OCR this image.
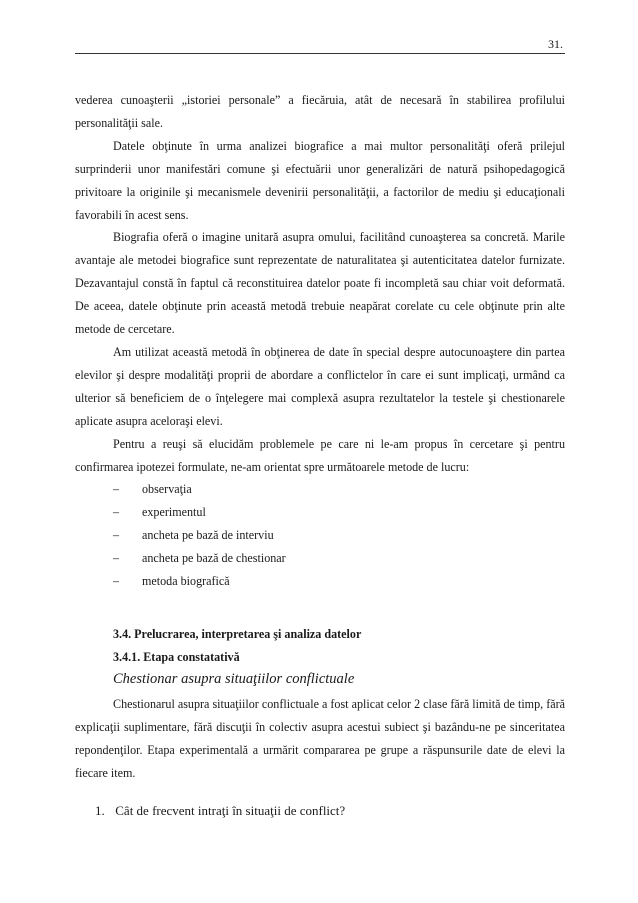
31.

vederea cunoaşterii „istoriei personale” a fiecăruia, atât de necesară în stabilirea profilului personalităţii sale.

Datele obţinute în urma analizei biografice a mai multor personalităţi oferă prilejul surprinderii unor manifestări comune şi efectuării unor generalizări de natură psihopedagogică privitoare la originile şi mecanismele devenirii personalităţii, a factorilor de mediu şi educaţionali favorabili în acest sens.

Biografia oferă o imagine unitară asupra omului, facilitând cunoaşterea sa concretă. Marile avantaje ale metodei biografice sunt reprezentate de naturalitatea şi autenticitatea datelor furnizate. Dezavantajul constă în faptul că reconstituirea datelor poate fi incompletă sau chiar voit deformată. De aceea, datele obţinute prin această metodă trebuie neapărat corelate cu cele obţinute prin alte metode de cercetare.

Am utilizat această metodă în obţinerea de date în special despre autocunoaştere din partea elevilor şi despre modalităţi proprii de abordare a conflictelor în care ei sunt implicaţi, urmând ca ulterior să beneficiem de o înţelegere mai complexă asupra rezultatelor la testele şi chestionarele aplicate asupra aceloraşi elevi.

Pentru a reuşi să elucidăm problemele pe care ni le-am propus în cercetare şi pentru confirmarea ipotezei formulate, ne-am orientat spre următoarele metode de lucru:

– observaţia
– experimentul
– ancheta pe bază de interviu
– ancheta pe bază de chestionar
– metoda biografică
3.4. Prelucrarea, interpretarea şi analiza datelor
3.4.1. Etapa constatativă
Chestionar asupra situaţiilor conflictuale

Chestionarul asupra situaţiilor conflictuale a fost aplicat celor 2 clase fără limită de timp, fără explicaţii suplimentare, fără discuţii în colectiv asupra acestui subiect şi bazându-ne pe sinceritatea repondenţilor. Etapa experimentală a urmărit compararea pe grupe a răspunsurile date de elevi la fiecare item.

1. Cât de frecvent intraţi în situaţii de conflict?
